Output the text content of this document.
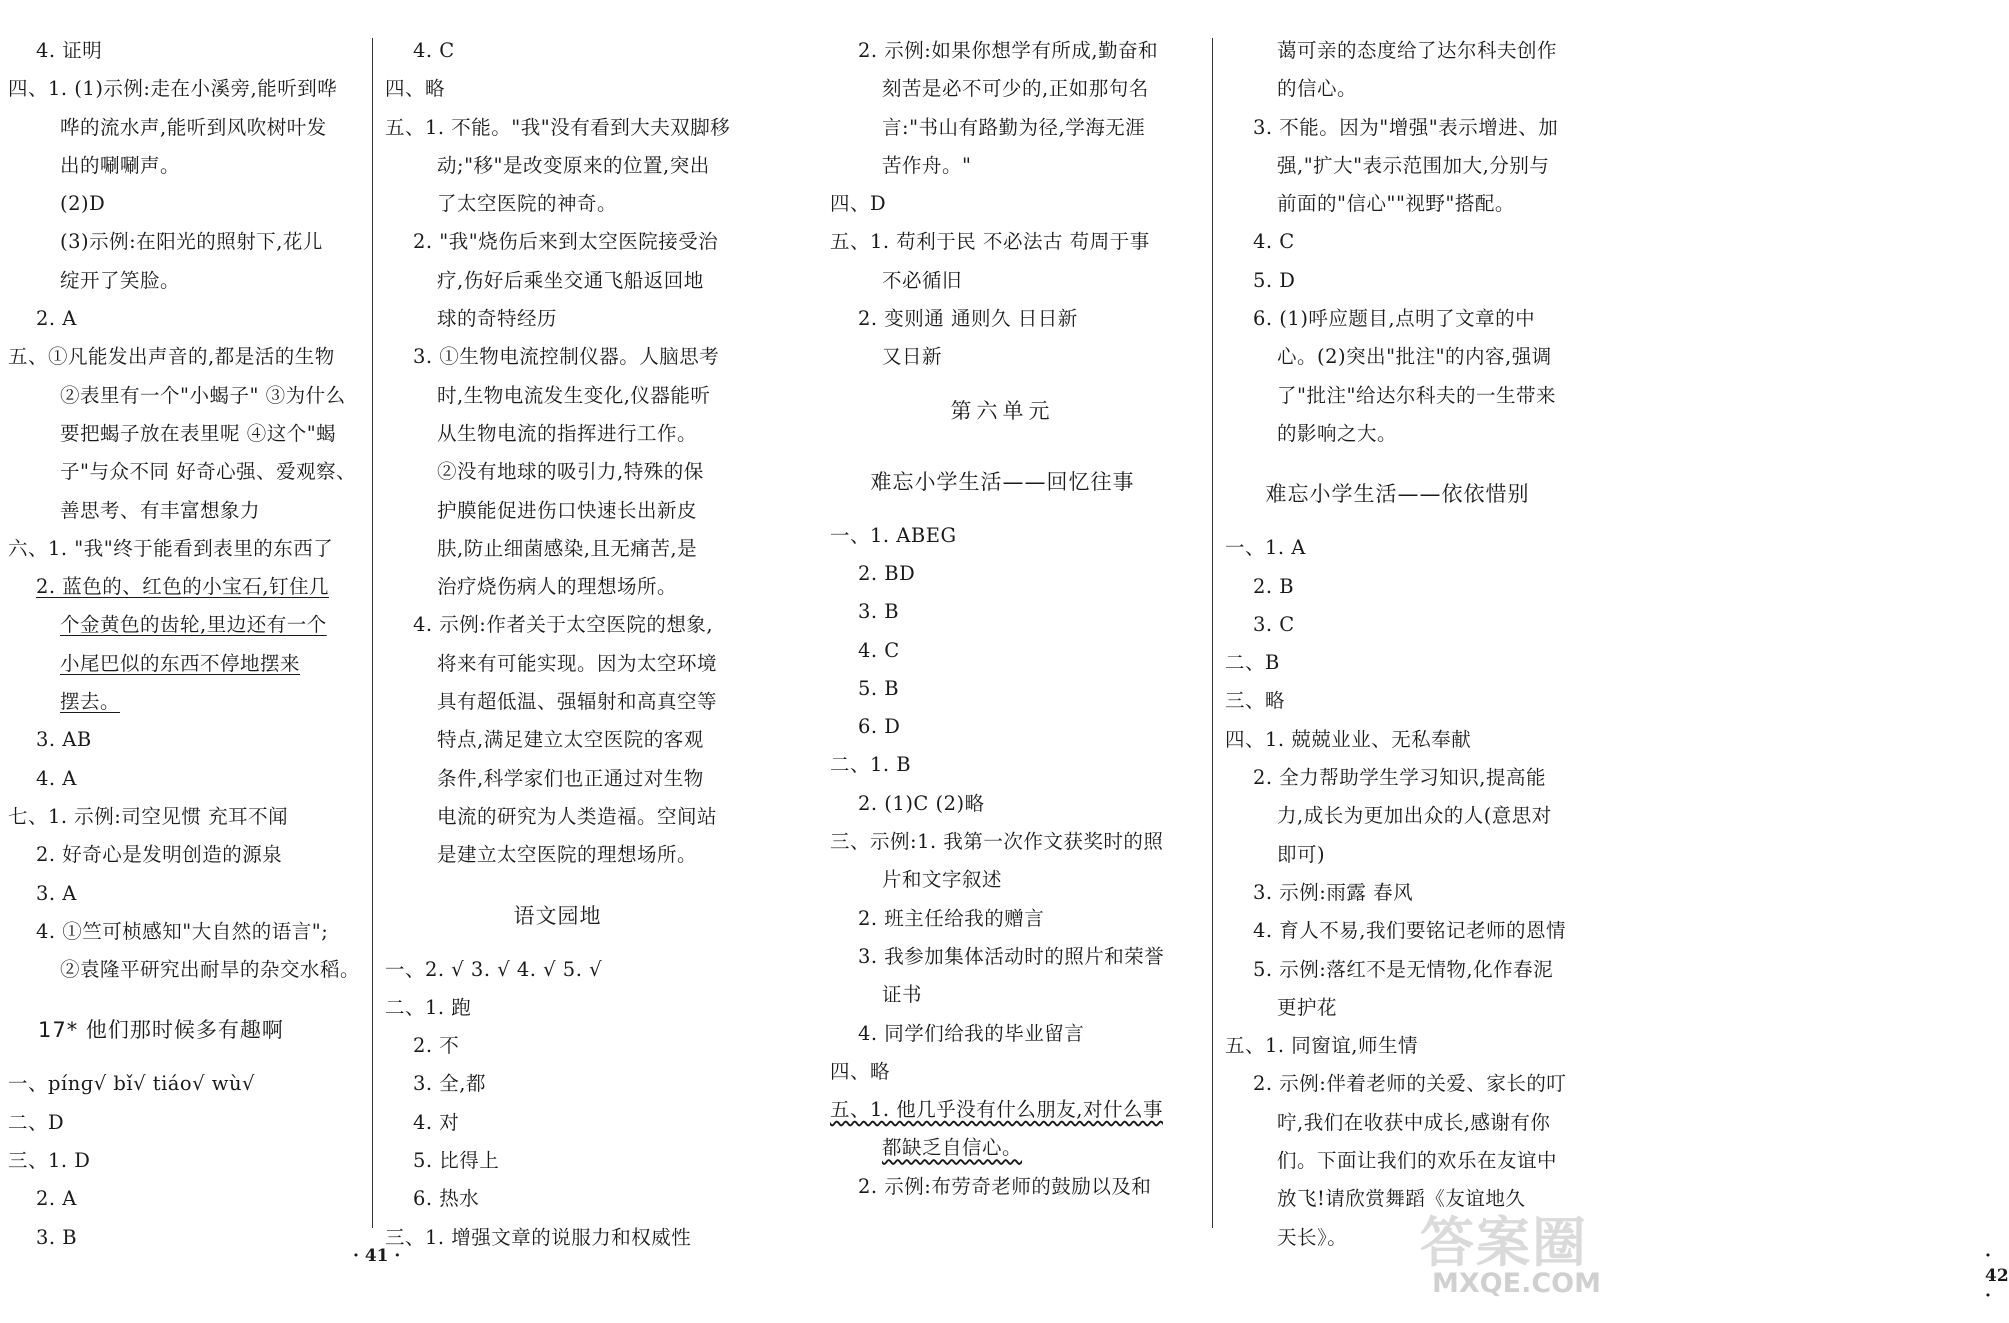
4. 证明
四、1. (1)示例:走在小溪旁,能听到哗
哗的流水声,能听到风吹树叶发
出的唰唰声。
(2)D
(3)示例:在阳光的照射下,花儿
绽开了笑脸。
2. A
五、①凡能发出声音的,都是活的生物
②表里有一个"小蝎子" ③为什么
要把蝎子放在表里呢 ④这个"蝎
子"与众不同 好奇心强、爱观察、
善思考、有丰富想象力
六、1. "我"终于能看到表里的东西了
2. 蓝色的、红色的小宝石,钉住几
个金黄色的齿轮,里边还有一个
小尾巴似的东西不停地摆来
摆去。
3. AB
4. A
七、1. 示例:司空见惯 充耳不闻
2. 好奇心是发明创造的源泉
3. A
4. ①竺可桢感知"大自然的语言";
②袁隆平研究出耐旱的杂交水稻。
17* 他们那时候多有趣啊
一、pínɡ√ bǐ√ tiáo√ wù√
二、D
三、1. D
2. A
3. B
4. C
四、略
五、1. 不能。"我"没有看到大夫双脚移
动;"移"是改变原来的位置,突出
了太空医院的神奇。
2. "我"烧伤后来到太空医院接受治
疗,伤好后乘坐交通飞船返回地
球的奇特经历
3. ①生物电流控制仪器。人脑思考
时,生物电流发生变化,仪器能听
从生物电流的指挥进行工作。
②没有地球的吸引力,特殊的保
护膜能促进伤口快速长出新皮
肤,防止细菌感染,且无痛苦,是
治疗烧伤病人的理想场所。
4. 示例:作者关于太空医院的想象,
将来有可能实现。因为太空环境
具有超低温、强辐射和高真空等
特点,满足建立太空医院的客观
条件,科学家们也正通过对生物
电流的研究为人类造福。空间站
是建立太空医院的理想场所。
语文园地
一、2. √ 3. √ 4. √ 5. √
二、1. 跑
2. 不
3. 全,都
4. 对
5. 比得上
6. 热水
三、1. 增强文章的说服力和权威性
· 41 ·
2. 示例:如果你想学有所成,勤奋和
刻苦是必不可少的,正如那句名
言:"书山有路勤为径,学海无涯
苦作舟。"
四、D
五、1. 苟利于民 不必法古 苟周于事
不必循旧
2. 变则通 通则久 日日新
又日新
第六单元
难忘小学生活——回忆往事
一、1. ABEG
2. BD
3. B
4. C
5. B
6. D
二、1. B
2. (1)C (2)略
三、示例:1. 我第一次作文获奖时的照
片和文字叙述
2. 班主任给我的赠言
3. 我参加集体活动时的照片和荣誉
证书
4. 同学们给我的毕业留言
四、略
五、1. 他几乎没有什么朋友,对什么事
都缺乏自信心。
2. 示例:布劳奇老师的鼓励以及和
蔼可亲的态度给了达尔科夫创作
的信心。
3. 不能。因为"增强"表示增进、加
强,"扩大"表示范围加大,分别与
前面的"信心""视野"搭配。
4. C
5. D
6. (1)呼应题目,点明了文章的中
心。(2)突出"批注"的内容,强调
了"批注"给达尔科夫的一生带来
的影响之大。
难忘小学生活——依依惜别
一、1. A
2. B
3. C
二、B
三、略
四、1. 兢兢业业、无私奉献
2. 全力帮助学生学习知识,提高能
力,成长为更加出众的人(意思对
即可)
3. 示例:雨露 春风
4. 育人不易,我们要铭记老师的恩情
5. 示例:落红不是无情物,化作春泥
更护花
五、1. 同窗谊,师生情
2. 示例:伴着老师的关爱、家长的叮
咛,我们在收获中成长,感谢有你
们。下面让我们的欢乐在友谊中
放飞!请欣赏舞蹈《友谊地久
天长》。
· 42 ·
答案圈
MXQE.COM
